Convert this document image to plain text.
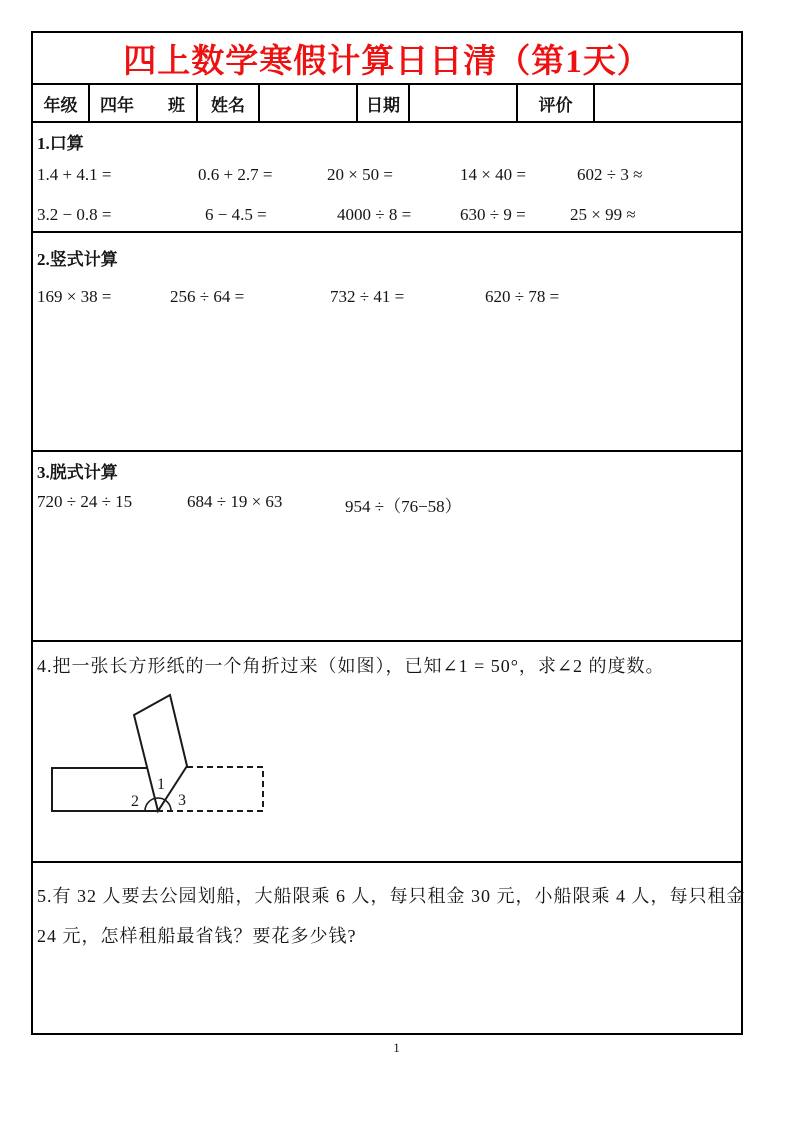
四上数学寒假计算日日清（第1天）
年级	四年　　班	姓名	日期	评价
1.口算
1.4 + 4.1 =	0.6 + 2.7 =	20 × 50 =	14 × 40 =	602 ÷ 3 ≈
3.2 − 0.8 =	6 − 4.5 =	4000 ÷ 8 =	630 ÷ 9 =	25 × 99 ≈
2.竖式计算
169 × 38 =	256 ÷ 64 =	732 ÷ 41 =	620 ÷ 78 =
3.脱式计算
720 ÷ 24 ÷ 15	684 ÷ 19 × 63	954 ÷（76−58）
4.把一张长方形纸的一个角折过来（如图），已知∠1 = 50°，求∠2 的度数。
1
2 3
5.有 32 人要去公园划船，大船限乘 6 人，每只租金 30 元，小船限乘 4 人，每只租金
24 元，怎样租船最省钱？要花多少钱?
1
